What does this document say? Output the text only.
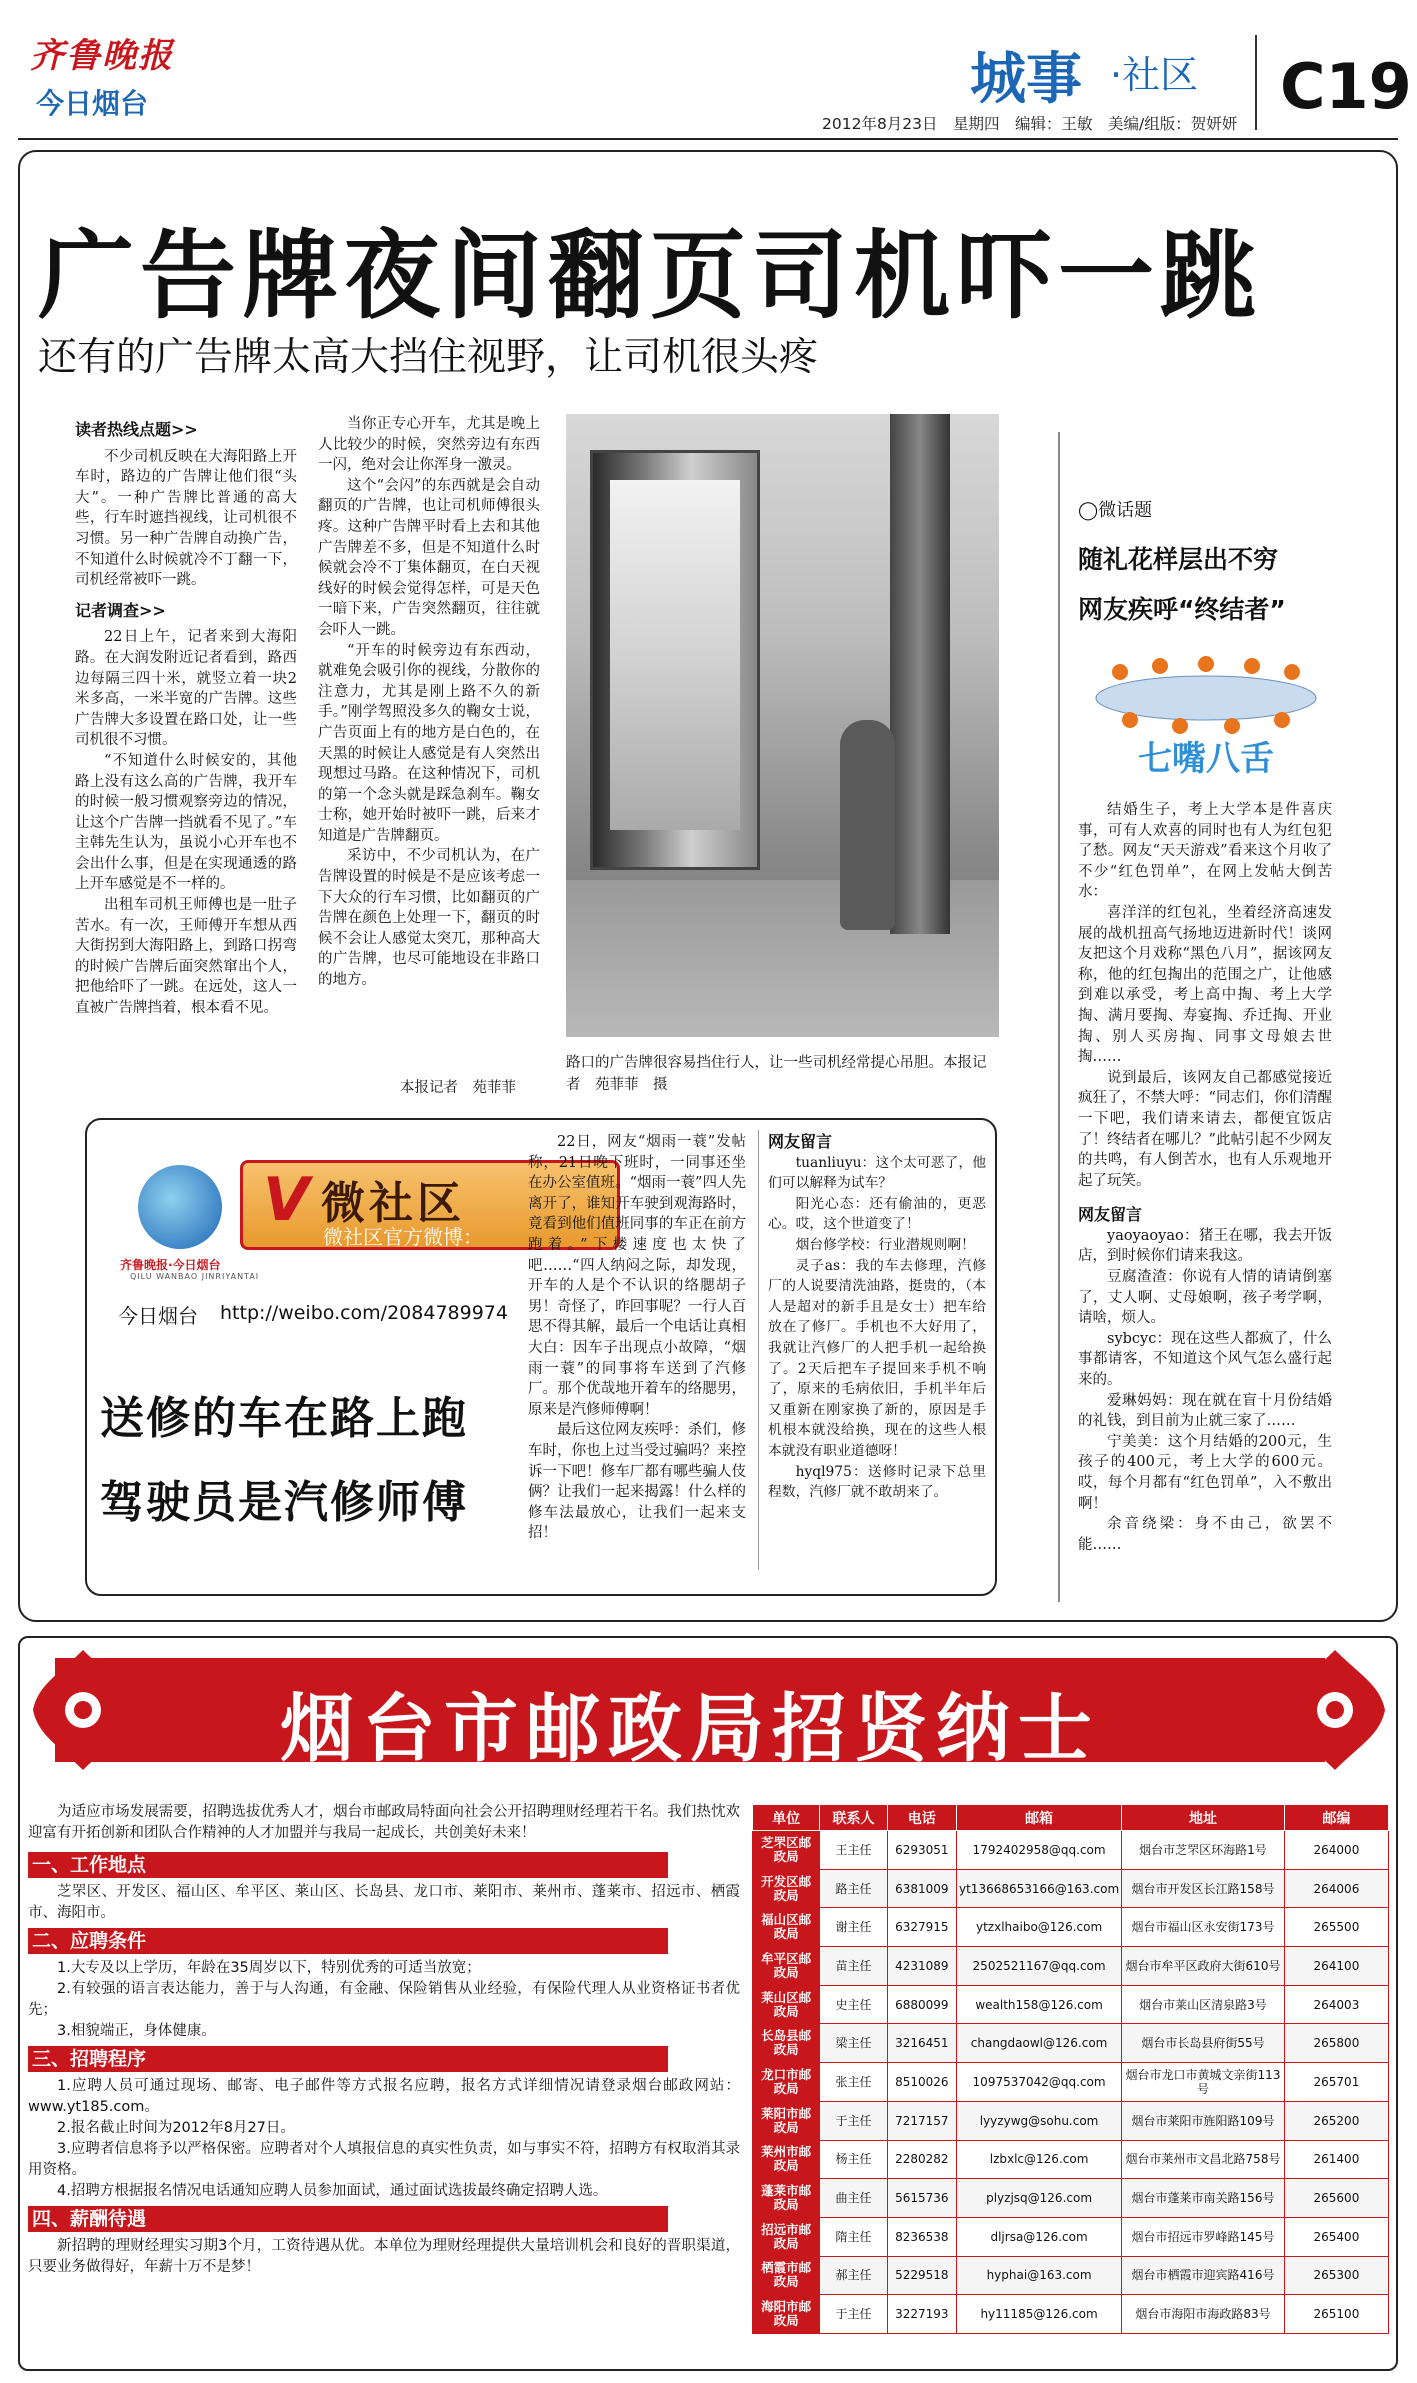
齐鲁晚报
今日烟台	城事 ·社区 C19
2012年8月23日　星期四　编辑：王敏　美编/组版：贺妍妍
广告牌夜间翻页司机吓一跳
还有的广告牌太高大挡住视野，让司机很头疼
读者热线点题>>

不少司机反映在大海阳路上开车时，路边的广告牌让他们很“头大”。一种广告牌比普通的高大些，行车时遮挡视线，让司机很不习惯。另一种广告牌自动换广告，不知道什么时候就冷不丁翻一下，司机经常被吓一跳。

记者调查>>

22日上午，记者来到大海阳路。在大润发附近记者看到，路西边每隔三四十米，就竖立着一块2米多高，一米半宽的广告牌。这些广告牌大多设置在路口处，让一些司机很不习惯。

“不知道什么时候安的，其他路上没有这么高的广告牌，我开车的时候一般习惯观察旁边的情况，让这个广告牌一挡就看不见了。”车主韩先生认为，虽说小心开车也不会出什么事，但是在实现通透的路上开车感觉是不一样的。

出租车司机王师傅也是一肚子苦水。有一次，王师傅开车想从西大街拐到大海阳路上，到路口拐弯的时候广告牌后面突然窜出个人，把他给吓了一跳。在远处，这人一直被广告牌挡着，根本看不见。

当你正专心开车，尤其是晚上人比较少的时候，突然旁边有东西一闪，绝对会让你浑身一激灵。

这个“会闪”的东西就是会自动翻页的广告牌，也让司机师傅很头疼。这种广告牌平时看上去和其他广告牌差不多，但是不知道什么时候就会冷不丁集体翻页，在白天视线好的时候会觉得怎样，可是天色一暗下来，广告突然翻页，往往就会吓人一跳。

“开车的时候旁边有东西动，就难免会吸引你的视线，分散你的注意力，尤其是刚上路不久的新手。”刚学驾照没多久的鞠女士说，广告页面上有的地方是白色的，在天黑的时候让人感觉是有人突然出现想过马路。在这种情况下，司机的第一个念头就是踩急刹车。鞠女士称，她开始时被吓一跳，后来才知道是广告牌翻页。

采访中，不少司机认为，在广告牌设置的时候是不是应该考虑一下大众的行车习惯，比如翻页的广告牌在颜色上处理一下，翻页的时候不会让人感觉太突兀，那种高大的广告牌，也尽可能地设在非路口的地方。

本报记者　苑菲菲
路口的广告牌很容易挡住行人，让一些司机经常提心吊胆。本报记者　苑菲菲　摄
◯微话题
随礼花样层出不穷
网友疾呼“终结者”
七嘴八舌

结婚生子，考上大学本是件喜庆事，可有人欢喜的同时也有人为红包犯了愁。网友“天天游戏”看来这个月收了不少“红色罚单”，在网上发帖大倒苦水：

喜洋洋的红包礼，坐着经济高速发展的战机扭高气扬地迈进新时代！谈网友把这个月戏称“黑色八月”，据该网友称，他的红包掏出的范围之广，让他感到难以承受，考上高中掏、考上大学掏、满月要掏、寿宴掏、乔迁掏、开业掏、别人买房掏、同事文母娘去世掏……

说到最后，该网友自己都感觉接近疯狂了，不禁大呼：“同志们，你们清醒一下吧，我们请来请去，都便宜饭店了！终结者在哪儿？”此帖引起不少网友的共鸣，有人倒苦水，也有人乐观地开起了玩笑。

网友留言

yaoyaoyao：猪王在哪，我去开饭店，到时候你们请来我这。

豆腐渣渣：你说有人情的请请倒塞了，丈人啊、丈母娘啊，孩子考学啊，请啥，烦人。

sybcyc：现在这些人都疯了，什么事都请客，不知道这个风气怎么盛行起来的。

爱琳妈妈：现在就在盲十月份结婚的礼钱，到目前为止就三家了……

宁美美：这个月结婚的200元，生孩子的400元，考上大学的600元。哎，每个月都有“红色罚单”，入不敷出啊！

余音绕梁：身不由己，欲罢不能……

V 微社区
微社区官方微博：
齐鲁晚报·今日烟台
QILU WANBAO JINRIYANTAI
今日烟台 http://weibo.com/2084789974
送修的车在路上跑
驾驶员是汽修师傅

22日，网友“烟雨一蓑”发帖称，21日晚下班时，一同事还坐在办公室值班。“烟雨一蓑”四人先离开了，谁知开车驶到观海路时，竟看到他们值班同事的车正在前方跑着。”下楼速度也太快了吧……“四人纳闷之际，却发现，开车的人是个不认识的络腮胡子男！奇怪了，昨回事呢？一行人百思不得其解，最后一个电话让真相大白：因车子出现点小故障，“烟雨一蓑”的同事将车送到了汽修厂。那个优哉地开着车的络腮男，原来是汽修师傅啊！

最后这位网友疾呼：杀们，修车时，你也上过当受过骗吗？来控诉一下吧！修车厂都有哪些骗人伎俩？让我们一起来揭露！什么样的修车法最放心，让我们一起来支招！

网友留言

tuanliuyu：这个太可恶了，他们可以解释为试车？

阳光心态：还有偷油的，更恶心。哎，这个世道变了！

烟台修学校：行业潜规则啊！

灵子as：我的车去修理，汽修厂的人说要清洗油路，挺贵的，（本人是超对的新手且是女士）把车给放在了修厂。手机也不大好用了，我就让汽修厂的人把手机一起给换了。2天后把车子提回来手机不响了，原来的毛病依旧，手机半年后又重新在刚家换了新的，原因是手机根本就没给换，现在的这些人根本就没有职业道德呀！

hyql975：送修时记录下总里程数，汽修厂就不敢胡来了。

烟台市邮政局招贤纳士

为适应市场发展需要，招聘选拔优秀人才，烟台市邮政局特面向社会公开招聘理财经理若干名。我们热忱欢迎富有开拓创新和团队合作精神的人才加盟并与我局一起成长，共创美好未来！

一、工作地点

芝罘区、开发区、福山区、牟平区、莱山区、长岛县、龙口市、莱阳市、莱州市、蓬莱市、招远市、栖霞市、海阳市。

二、应聘条件

1.大专及以上学历，年龄在35周岁以下，特别优秀的可适当放宽；

2.有较强的语言表达能力，善于与人沟通，有金融、保险销售从业经验，有保险代理人从业资格证书者优先；

3.相貌端正，身体健康。

三、招聘程序

1.应聘人员可通过现场、邮寄、电子邮件等方式报名应聘，报名方式详细情况请登录烟台邮政网站：www.yt185.com。

2.报名截止时间为2012年8月27日。

3.应聘者信息将予以严格保密。应聘者对个人填报信息的真实性负责，如与事实不符，招聘方有权取消其录用资格。

4.招聘方根据报名情况电话通知应聘人员参加面试，通过面试选拔最终确定招聘人选。

四、薪酬待遇

新招聘的理财经理实习期3个月，工资待遇从优。本单位为理财经理提供大量培训机会和良好的晋职渠道，只要业务做得好，年薪十万不是梦！

单位	联系人	电话	邮箱	地址	邮编
芝罘区邮政局	王主任	6293051	1792402958@qq.com	烟台市芝罘区环海路1号	264000
开发区邮政局	路主任	6381009	yt13668653166@163.com	烟台市开发区长江路158号	264006
福山区邮政局	谢主任	6327915	ytzxlhaibo@126.com	烟台市福山区永安街173号	265500
牟平区邮政局	苗主任	4231089	2502521167@qq.com	烟台市牟平区政府大街610号	264100
莱山区邮政局	史主任	6880099	wealth158@126.com	烟台市莱山区清泉路3号	264003
长岛县邮政局	梁主任	3216451	changdaowl@126.com	烟台市长岛县府街55号	265800
龙口市邮政局	张主任	8510026	1097537042@qq.com	烟台市龙口市黄城文亲街113号	265701
莱阳市邮政局	于主任	7217157	lyyzywg@sohu.com	烟台市莱阳市旌阳路109号	265200
莱州市邮政局	杨主任	2280282	lzbxlc@126.com	烟台市莱州市文昌北路758号	261400
蓬莱市邮政局	曲主任	5615736	plyzjsq@126.com	烟台市蓬莱市南关路156号	265600
招远市邮政局	隋主任	8236538	dljrsa@126.com	烟台市招远市罗峰路145号	265400
栖霞市邮政局	郝主任	5229518	hyphai@163.com	烟台市栖霞市迎宾路416号	265300
海阳市邮政局	于主任	3227193	hy11185@126.com	烟台市海阳市海政路83号	265100
